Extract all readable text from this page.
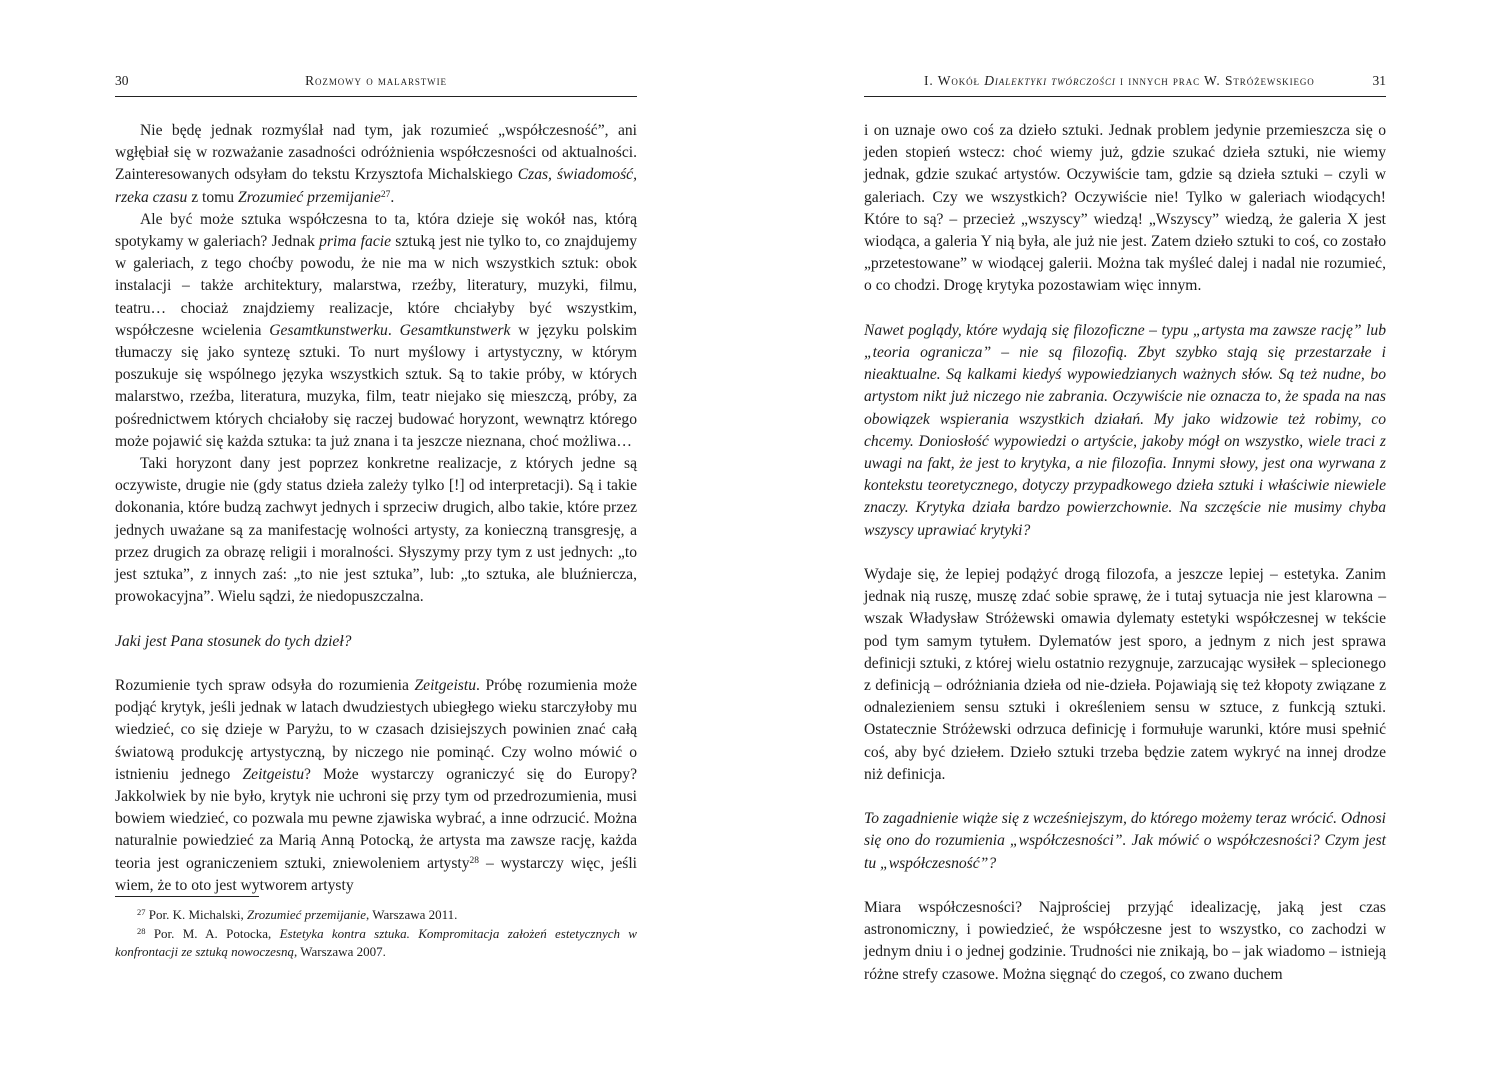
30	Rozmowy o malarstwie

Nie będę jednak rozmyślał nad tym, jak rozumieć „współczesność”, ani wgłębiał się w rozważanie zasadności odróżnienia współczesności od aktualności. Zainteresowanych odsyłam do tekstu Krzysztofa Michalskiego Czas, świadomość, rzeka czasu z tomu Zrozumieć przemijanie$^{27}$.

Ale być może sztuka współczesna to ta, która dzieje się wokół nas, którą spotykamy w galeriach? Jednak prima facie sztuką jest nie tylko to, co znajdujemy w galeriach, z tego choćby powodu, że nie ma w nich wszystkich sztuk: obok instalacji – także architektury, malarstwa, rzeźby, literatury, muzyki, filmu, teatru… chociaż znajdziemy realizacje, które chciałyby być wszystkim, współczesne wcielenia Gesamtkunstwerku. Gesamtkunstwerk w języku polskim tłumaczy się jako syntezę sztuki. To nurt myślowy i artystyczny, w którym poszukuje się wspólnego języka wszystkich sztuk. Są to takie próby, w których malarstwo, rzeźba, literatura, muzyka, film, teatr niejako się mieszczą, próby, za pośrednictwem których chciałoby się raczej budować horyzont, wewnątrz którego może pojawić się każda sztuka: ta już znana i ta jeszcze nieznana, choć możliwa…

Taki horyzont dany jest poprzez konkretne realizacje, z których jedne są oczywiste, drugie nie (gdy status dzieła zależy tylko [!] od interpretacji). Są i takie dokonania, które budzą zachwyt jednych i sprzeciw drugich, albo takie, które przez jednych uważane są za manifestację wolności artysty, za konieczną transgresję, a przez drugich za obrazę religii i moralności. Słyszymy przy tym z ust jednych: „to jest sztuka”, z innych zaś: „to nie jest sztuka”, lub: „to sztuka, ale bluźniercza, prowokacyjna”. Wielu sądzi, że niedopuszczalna.

Jaki jest Pana stosunek do tych dzieł?

Rozumienie tych spraw odsyła do rozumienia Zeitgeistu. Próbę rozumienia może podjąć krytyk, jeśli jednak w latach dwudziestych ubiegłego wieku starczyłoby mu wiedzieć, co się dzieje w Paryżu, to w czasach dzisiejszych powinien znać całą światową produkcję artystyczną, by niczego nie pominąć. Czy wolno mówić o istnieniu jednego Zeitgeistu? Może wystarczy ograniczyć się do Europy? Jakkolwiek by nie było, krytyk nie uchroni się przy tym od przedrozumienia, musi bowiem wiedzieć, co pozwala mu pewne zjawiska wybrać, a inne odrzucić. Można naturalnie powiedzieć za Marią Anną Potocką, że artysta ma zawsze rację, każda teoria jest ograniczeniem sztuki, zniewoleniem artysty$^{28}$ – wystarczy więc, jeśli wiem, że to oto jest wytworem artysty

$^{27}$ Por. K. Michalski, Zrozumieć przemijanie, Warszawa 2011.

$^{28}$ Por. M. A. Potocka, Estetyka kontra sztuka. Kompromitacja założeń estetycznych w konfrontacji ze sztuką nowoczesną, Warszawa 2007.

I. Wokół Dialektyki twórczości i innych prac W. Stróżewskiego	31

i on uznaje owo coś za dzieło sztuki. Jednak problem jedynie przemieszcza się o jeden stopień wstecz: choć wiemy już, gdzie szukać dzieła sztuki, nie wiemy jednak, gdzie szukać artystów. Oczywiście tam, gdzie są dzieła sztuki – czyli w galeriach. Czy we wszystkich? Oczywiście nie! Tylko w galeriach wiodących! Które to są? – przecież „wszyscy” wiedzą! „Wszyscy” wiedzą, że galeria X jest wiodąca, a galeria Y nią była, ale już nie jest. Zatem dzieło sztuki to coś, co zostało „przetestowane” w wiodącej galerii. Można tak myśleć dalej i nadal nie rozumieć, o co chodzi. Drogę krytyka pozostawiam więc innym.

Nawet poglądy, które wydają się filozoficzne – typu „artysta ma zawsze rację” lub „teoria ogranicza” – nie są filozofią. Zbyt szybko stają się przestarzałe i nieaktualne. Są kalkami kiedyś wypowiedzianych ważnych słów. Są też nudne, bo artystom nikt już niczego nie zabrania. Oczywiście nie oznacza to, że spada na nas obowiązek wspierania wszystkich działań. My jako widzowie też robimy, co chcemy. Doniosłość wypowiedzi o artyście, jakoby mógł on wszystko, wiele traci z uwagi na fakt, że jest to krytyka, a nie filozofia. Innymi słowy, jest ona wyrwana z kontekstu teoretycznego, dotyczy przypadkowego dzieła sztuki i właściwie niewiele znaczy. Krytyka działa bardzo powierzchownie. Na szczęście nie musimy chyba wszyscy uprawiać krytyki?

Wydaje się, że lepiej podążyć drogą filozofa, a jeszcze lepiej – estetyka. Zanim jednak nią ruszę, muszę zdać sobie sprawę, że i tutaj sytuacja nie jest klarowna – wszak Władysław Stróżewski omawia dylematy estetyki współczesnej w tekście pod tym samym tytułem. Dylematów jest sporo, a jednym z nich jest sprawa definicji sztuki, z której wielu ostatnio rezygnuje, zarzucając wysiłek – splecionego z definicją – odróżniania dzieła od nie-dzieła. Pojawiają się też kłopoty związane z odnalezieniem sensu sztuki i określeniem sensu w sztuce, z funkcją sztuki. Ostatecznie Stróżewski odrzuca definicję i formułuje warunki, które musi spełnić coś, aby być dziełem. Dzieło sztuki trzeba będzie zatem wykryć na innej drodze niż definicja.

To zagadnienie wiąże się z wcześniejszym, do którego możemy teraz wrócić. Odnosi się ono do rozumienia „współczesności”. Jak mówić o współczesności? Czym jest tu „współczesność”?

Miara współczesności? Najprościej przyjąć idealizację, jaką jest czas astronomiczny, i powiedzieć, że współczesne jest to wszystko, co zachodzi w jednym dniu i o jednej godzinie. Trudności nie znikają, bo – jak wiadomo – istnieją różne strefy czasowe. Można sięgnąć do czegoś, co zwano duchem
